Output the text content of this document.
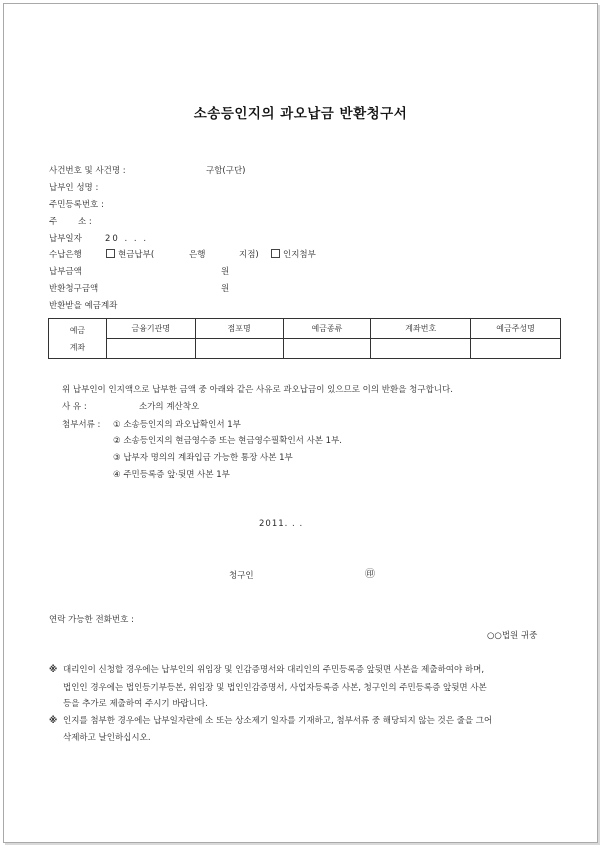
소송등인지의 과오납금 반환청구서
사건번호 및 사건명 :	구함(구단)
납부인 성명 :
주민등록번호 :
주 소 :
납부일자	20 . . .
수납은행	현금납부(	은행	지점)	인지첨부
납부금액	원
반환청구금액	원
반환받을 예금계좌
예금
계좌	금융기관명	점포명	예금종류	계좌번호	예금주성명

위 납부인이 인지액으로 납부한 금액 중 아래와 같은 사유로 과오납금이 있으므로 이의 반환을 청구합니다.
사 유 :	소가의 계산착오
첨부서류 : ① 소송등인지의 과오납확인서 1부
② 소송등인지의 현금영수증 또는 현금영수필확인서 사본 1부.
③ 납부자 명의의 계좌입금 가능한 통장 사본 1부
④ 주민등록증 앞·뒷면 사본 1부
2011. . .
청구인	㊞
연락 가능한 전화번호 :
○○법원 귀중
※ 대리인이 신청할 경우에는 납부인의 위임장 및 인감증명서와 대리인의 주민등록증 앞뒷면 사본을 제출하여야 하며,
법인인 경우에는 법인등기부등본, 위임장 및 법인인감증명서, 사업자등록증 사본, 청구인의 주민등록증 앞뒷면 사본
등을 추가로 제출하여 주시기 바랍니다.
※ 인지를 첨부한 경우에는 납부일자란에 소 또는 상소제기 일자를 기재하고, 첨부서류 중 해당되지 않는 것은 줄을 그어
삭제하고 날인하십시오.
